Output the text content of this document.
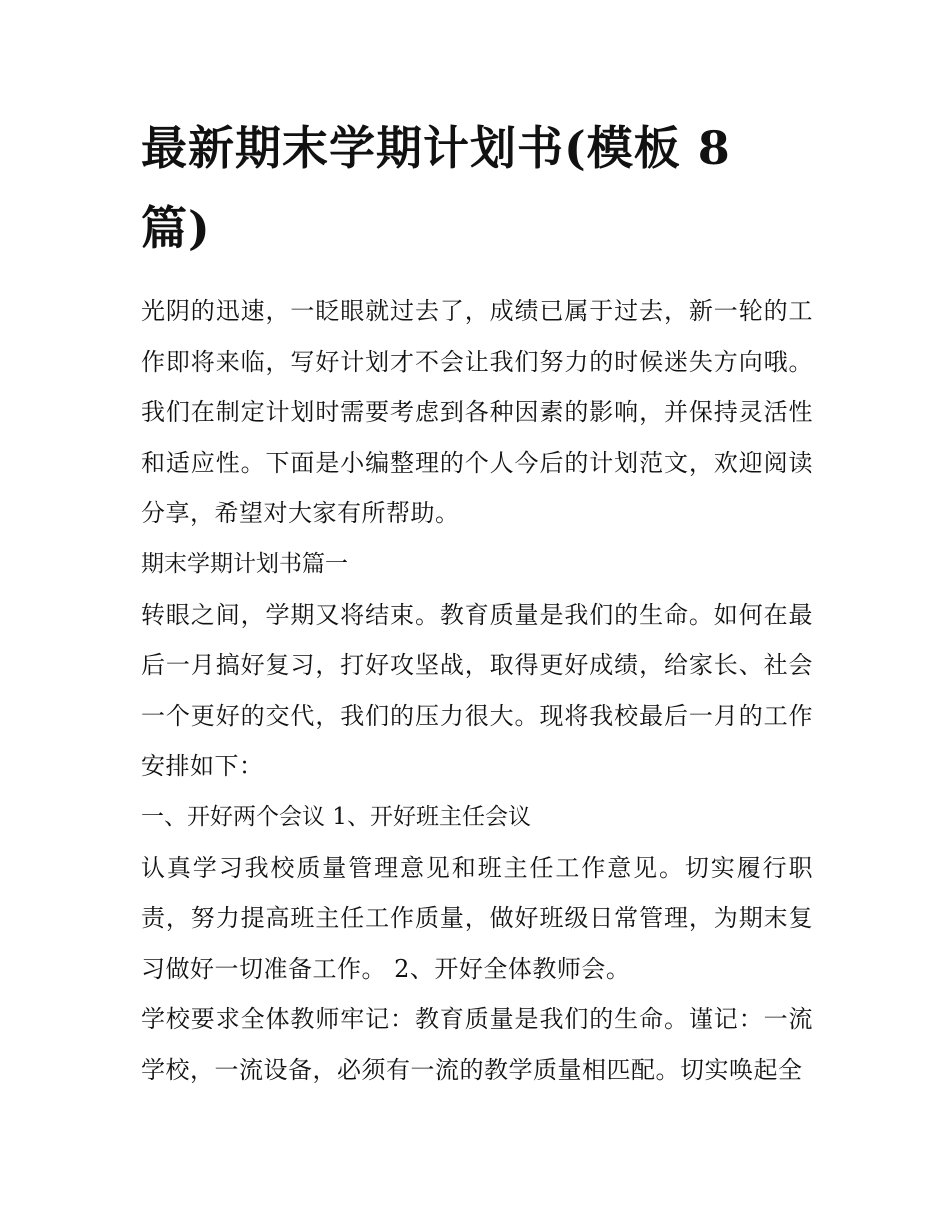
最新期末学期计划书(模板 8 篇)

光阴的迅速，一眨眼就过去了，成绩已属于过去，新一轮的工作即将来临，写好计划才不会让我们努力的时候迷失方向哦。我们在制定计划时需要考虑到各种因素的影响，并保持灵活性和适应性。下面是小编整理的个人今后的计划范文，欢迎阅读分享，希望对大家有所帮助。

期末学期计划书篇一

转眼之间，学期又将结束。教育质量是我们的生命。如何在最后一月搞好复习，打好攻坚战，取得更好成绩，给家长、社会一个更好的交代，我们的压力很大。现将我校最后一月的工作安排如下：

一、开好两个会议 1、开好班主任会议

认真学习我校质量管理意见和班主任工作意见。切实履行职责，努力提高班主任工作质量，做好班级日常管理，为期末复习做好一切准备工作。 2、开好全体教师会。

学校要求全体教师牢记：教育质量是我们的生命。谨记：一流学校，一流设备，必须有一流的教学质量相匹配。切实唤起全
